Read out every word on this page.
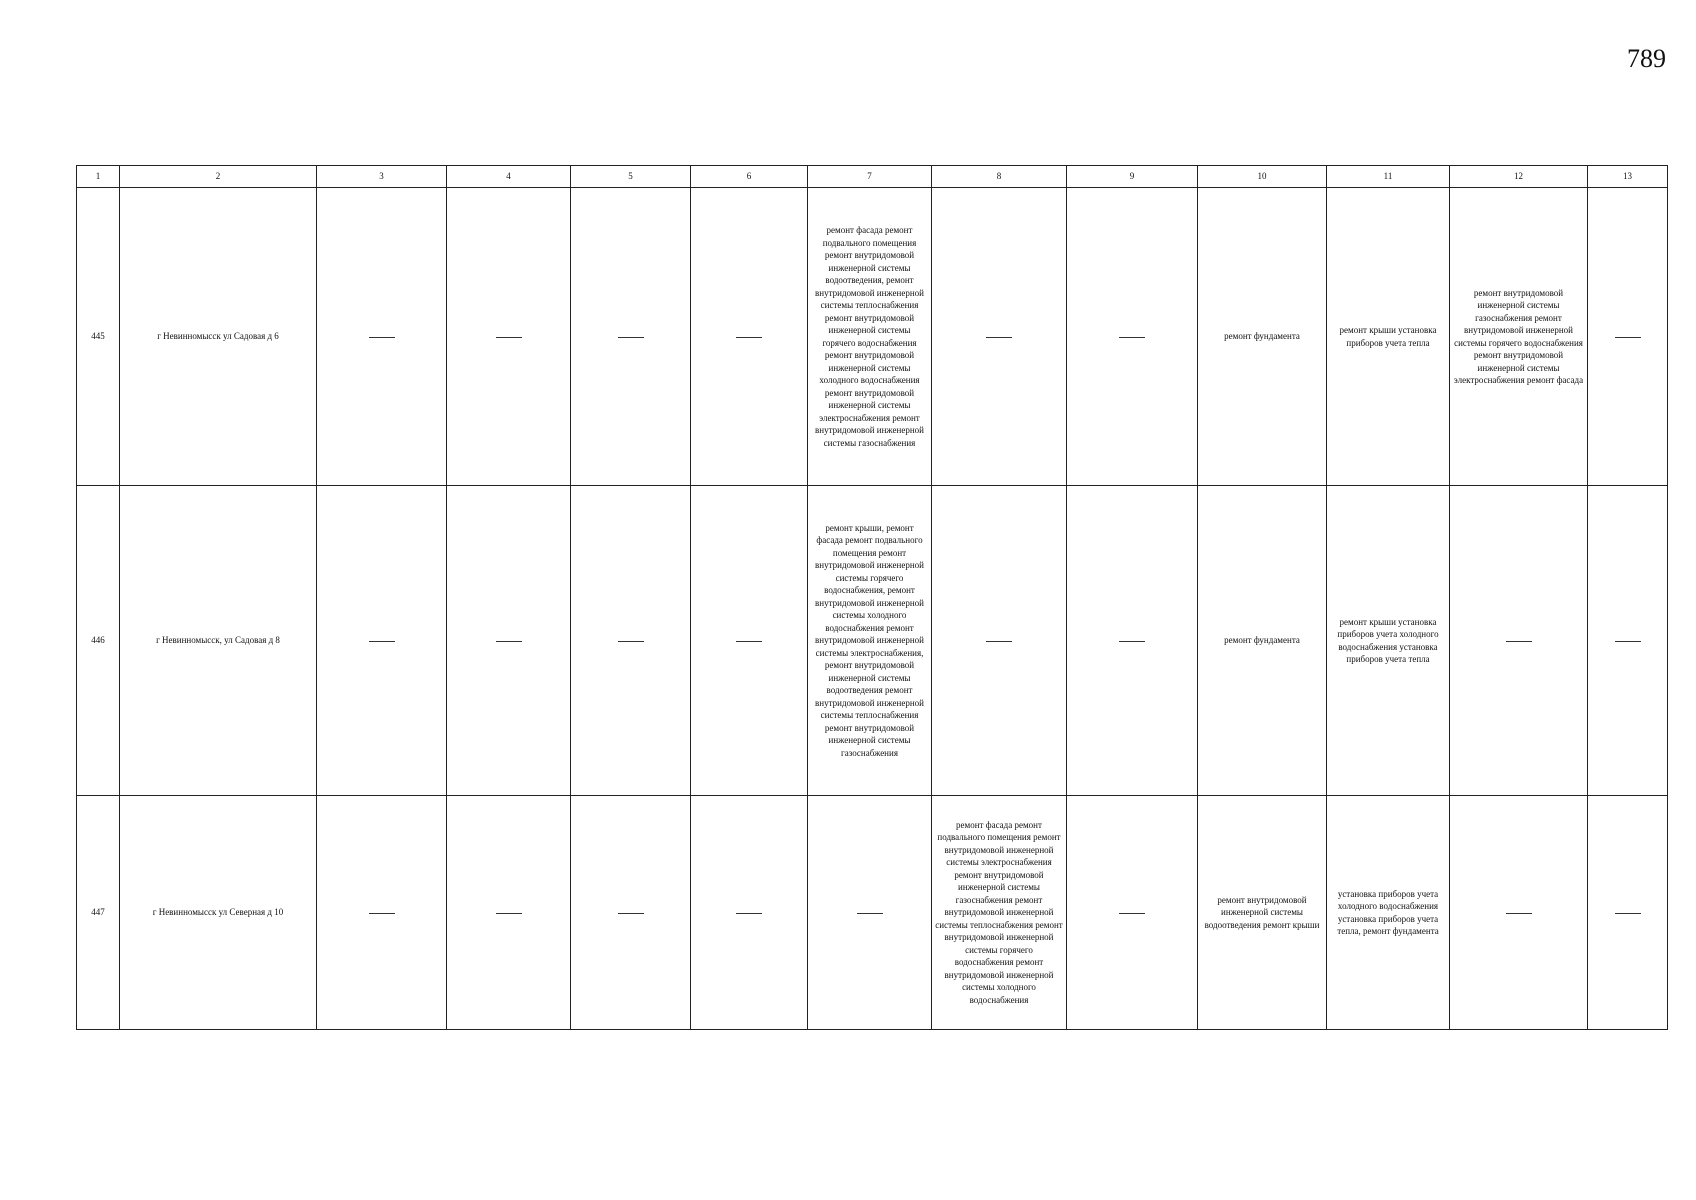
789
1	2	3	4	5	6	7	8	9	10	11	12	13

445	г Невинномысск ул Садовая д 6					ремонт фасада ремонт подвального помещения ремонт внутридомовой инженерной системы водоотведения, ремонт внутридомовой инженерной системы теплоснабжения ремонт внутридомовой инженерной системы горячего водоснабжения ремонт внутридомовой инженерной системы холодного водоснабжения ремонт внутридомовой инженерной системы электроснабжения ремонт внутридомовой инженерной системы газоснабжения			ремонт фундамента	ремонт крыши установка приборов учета тепла	ремонт внутридомовой инженерной системы газоснабжения ремонт внутридомовой инженерной системы горячего водоснабжения ремонт внутридомовой инженерной системы электроснабжения ремонт фасада	

446	г Невинномысск, ул Садовая д 8					ремонт крыши, ремонт фасада ремонт подвального помещения ремонт внутридомовой инженерной системы горячего водоснабжения, ремонт внутридомовой инженерной системы холодного водоснабжения ремонт внутридомовой инженерной системы электроснабжения, ремонт внутридомовой инженерной системы водоотведения ремонт внутридомовой инженерной системы теплоснабжения ремонт внутридомовой инженерной системы газоснабжения			ремонт фундамента	ремонт крыши установка приборов учета холодного водоснабжения установка приборов учета тепла		

447	г Невинномысск ул Северная д 10						ремонт фасада ремонт подвального помещения ремонт внутридомовой инженерной системы электроснабжения ремонт внутридомовой инженерной системы газоснабжения ремонт внутридомовой инженерной системы теплоснабжения ремонт внутридомовой инженерной системы горячего водоснабжения ремонт внутридомовой инженерной системы холодного водоснабжения		ремонт внутридомовой инженерной системы водоотведения ремонт крыши	установка приборов учета холодного водоснабжения установка приборов учета тепла, ремонт фундамента		
